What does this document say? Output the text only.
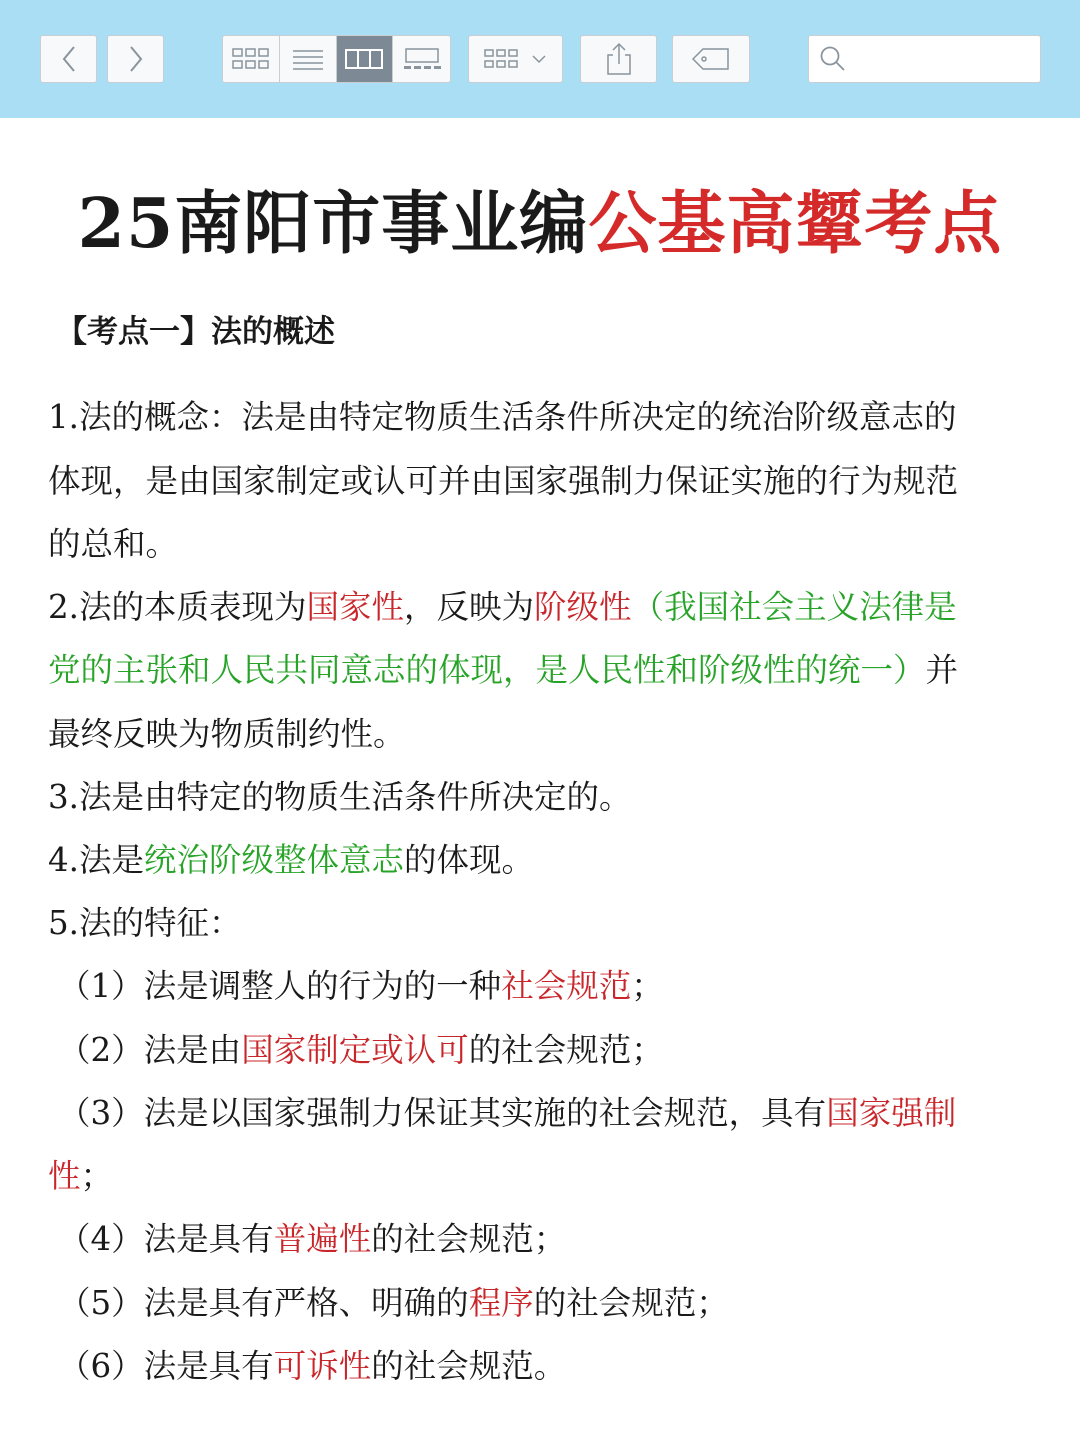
25南阳市事业编公基高颦考点
【考点一】法的概述
1.法的概念：法是由特定物质生活条件所决定的统治阶级意志的
体现，是由国家制定或认可并由国家强制力保证实施的行为规范
的总和。
2.法的本质表现为国家性，反映为阶级性（我国社会主义法律是
党的主张和人民共同意志的体现，是人民性和阶级性的统一）并
最终反映为物质制约性。
3.法是由特定的物质生活条件所决定的。
4.法是统治阶级整体意志的体现。
5.法的特征：
（1）法是调整人的行为的一种社会规范；
（2）法是由国家制定或认可的社会规范；
（3）法是以国家强制力保证其实施的社会规范，具有国家强制
性；
（4）法是具有普遍性的社会规范；
（5）法是具有严格、明确的程序的社会规范；
（6）法是具有可诉性的社会规范。
